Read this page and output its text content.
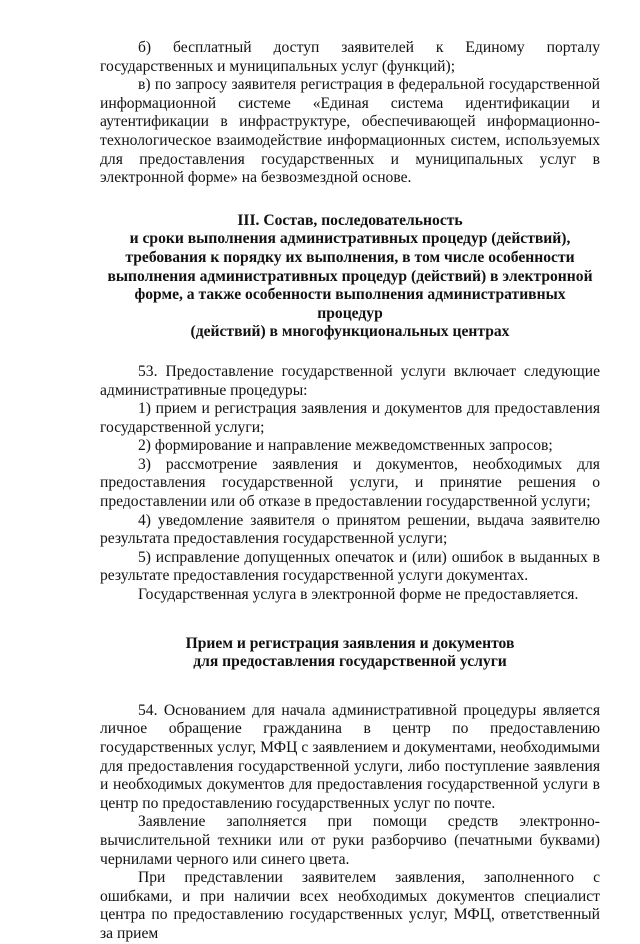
б) бесплатный доступ заявителей к Единому порталу государственных и муниципальных услуг (функций);

в) по запросу заявителя регистрация в федеральной государственной информационной системе «Единая система идентификации и аутентификации в инфраструктуре, обеспечивающей информационно-технологическое взаимодействие информационных систем, используемых для предоставления государственных и муниципальных услуг в электронной форме» на безвозмездной основе.

III. Состав, последовательность
и сроки выполнения административных процедур (действий),
требования к порядку их выполнения, в том числе особенности
выполнения административных процедур (действий) в электронной
форме, а также особенности выполнения административных процедур
(действий) в многофункциональных центрах

53. Предоставление государственной услуги включает следующие административные процедуры:

1) прием и регистрация заявления и документов для предоставления государственной услуги;

2) формирование и направление межведомственных запросов;

3) рассмотрение заявления и документов, необходимых для предоставления государственной услуги, и принятие решения о предоставлении или об отказе в предоставлении государственной услуги;

4) уведомление заявителя о принятом решении, выдача заявителю результата предоставления государственной услуги;

5) исправление допущенных опечаток и (или) ошибок в выданных в результате предоставления государственной услуги документах.

Государственная услуга в электронной форме не предоставляется.

Прием и регистрация заявления и документов
для предоставления государственной услуги

54. Основанием для начала административной процедуры является личное обращение гражданина в центр по предоставлению государственных услуг, МФЦ с заявлением и документами, необходимыми для предоставления государственной услуги, либо поступление заявления и необходимых документов для предоставления государственной услуги в центр по предоставлению государственных услуг по почте.

Заявление заполняется при помощи средств электронно-вычислительной техники или от руки разборчиво (печатными буквами) чернилами черного или синего цвета.

При представлении заявителем заявления, заполненного с ошибками, и при наличии всех необходимых документов специалист центра по предоставлению государственных услуг, МФЦ, ответственный за прием
